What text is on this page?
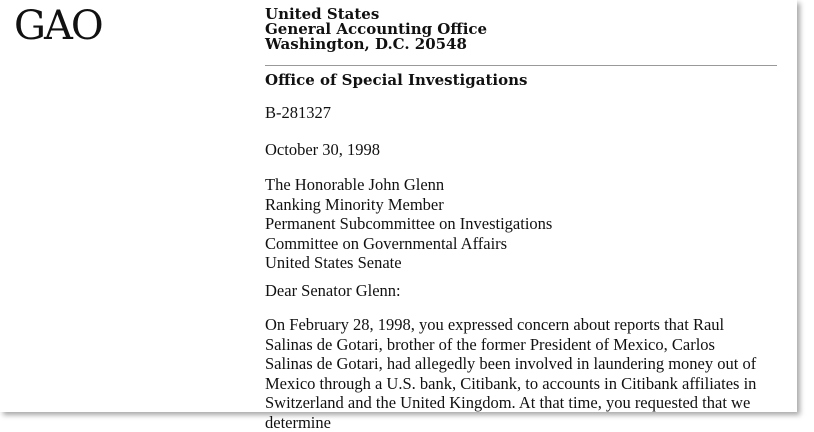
GAO	United States
General Accounting Office
Washington, D.C. 20548
Office of Special Investigations
B-281327
October 30, 1998
The Honorable John Glenn
Ranking Minority Member
Permanent Subcommittee on Investigations
Committee on Governmental Affairs
United States Senate
Dear Senator Glenn:
On February 28, 1998, you expressed concern about reports that Raul
Salinas de Gotari, brother of the former President of Mexico, Carlos
Salinas de Gotari, had allegedly been involved in laundering money out of
Mexico through a U.S. bank, Citibank, to accounts in Citibank affiliates in
Switzerland and the United Kingdom. At that time, you requested that we
determine
